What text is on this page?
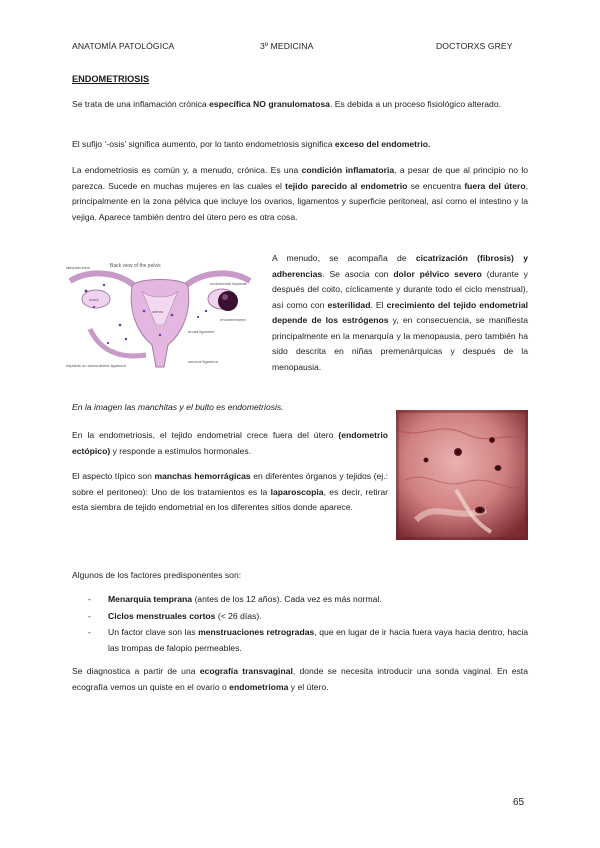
ANATOMÍA PATOLÓGICA	3º MEDICINA	DOCTORXS GREY
ENDOMETRIOSIS
Se trata de una inflamación crónica específica NO granulomatosa. Es debida a un proceso fisiológico alterado.
El sufijo ‘-osis’ significa aumento, por lo tanto endometriosis significa exceso del endometrio.
La endometriosis es común y, a menudo, crónica. Es una condición inflamatoria, a pesar de que al principio no lo parezca. Sucede en muchas mujeres en las cuales el tejido parecido al endometrio se encuentra fuera del útero, principalmente en la zona pélvica que incluye los ovarios, ligamentos y superficie peritoneal, así como el intestino y la vejiga. Aparece también dentro del útero pero es otra cosa.
Back view of the pelvis
fallopian tube
ovary
endometrial implants
uterus
ovary
endometrioma
broad ligament
implants on sacrouterine ligament
cervical ligament
A menudo, se acompaña de cicatrización (fibrosis) y adherencias. Se asocia con dolor pélvico severo (durante y después del coito, cíclicamente y durante todo el ciclo menstrual), así como con esterilidad. El crecimiento del tejido endometrial depende de los estrógenos y, en consecuencia, se manifiesta principalmente en la menarquía y la menopausia, pero también ha sido descrita en niñas premenárquicas y después de la menopausia.
En la imagen las manchitas y el bulto es endometriosis.
En la endometriosis, el tejido endometrial crece fuera del útero (endometrio ectópico) y responde a estímulos hormonales.
El aspecto típico son manchas hemorrágicas en diferentes órganos y tejidos (ej.: sobre el peritoneo): Uno de los tratamientos es la laparoscopia, es decir, retirar esta siembra de tejido endometrial en los diferentes sitios donde aparece.
Algunos de los factores predisponentes son:
- Menarquia temprana (antes de los 12 años). Cada vez es más normal.
- Ciclos menstruales cortos (< 26 días).
- Un factor clave son las menstruaciones retrogradas, que en lugar de ir hacia fuera vaya hacia dentro, hacia las trompas de falopio permeables.
Se diagnostica a partir de una ecografía transvaginal, donde se necesita introducir una sonda vaginal. En esta ecografía vemos un quiste en el ovario o endometrioma y el útero.
65
